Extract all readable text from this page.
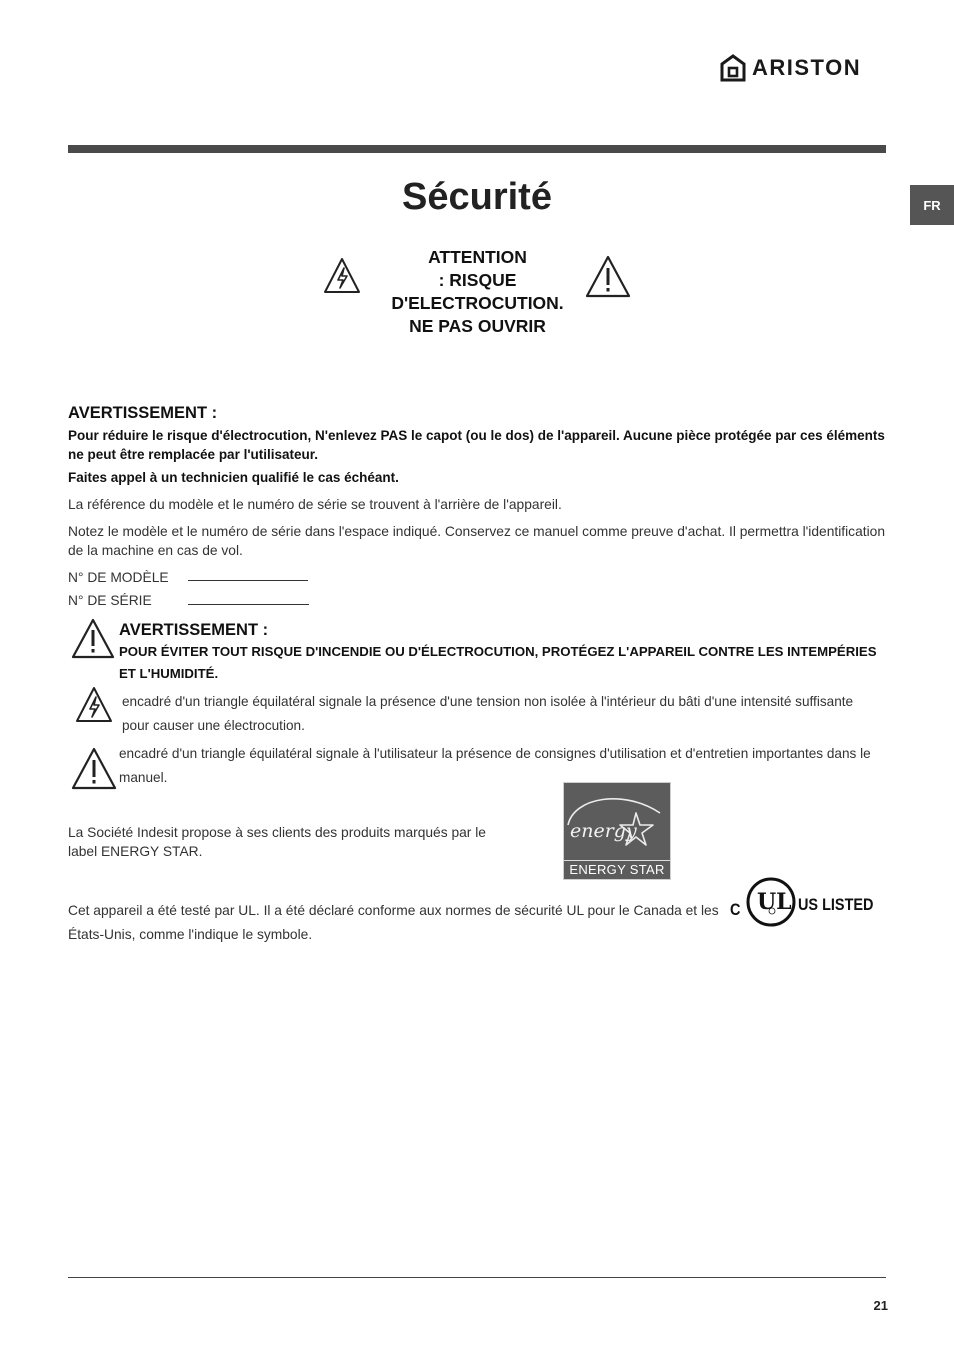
ARISTON
FR
Sécurité
ATTENTION
: RISQUE
D'ELECTROCUTION.
NE PAS OUVRIR
AVERTISSEMENT :
Pour réduire le risque d'électrocution, N'enlevez PAS le capot (ou le dos) de l'appareil. Aucune pièce protégée par ces éléments ne peut être remplacée par l'utilisateur.
Faites appel à un technicien qualifié le cas échéant.
La référence du modèle et le numéro de série se trouvent à l'arrière de l'appareil.
Notez le modèle et le numéro de série dans l'espace indiqué. Conservez ce manuel comme preuve d'achat. Il permettra l'identification de la machine en cas de vol.
N° DE MODÈLE
N° DE SÉRIE
AVERTISSEMENT :
POUR ÉVITER TOUT RISQUE D'INCENDIE OU D'ÉLECTROCUTION, PROTÉGEZ L'APPAREIL CONTRE LES INTEMPÉRIES ET L'HUMIDITÉ.
encadré d'un triangle équilatéral signale la présence d'une tension non isolée à l'intérieur du bâti d'une intensité suffisante pour causer une électrocution.
encadré d'un triangle équilatéral signale à l'utilisateur la présence de consignes d'utilisation et d'entretien importantes dans le manuel.
La Société Indesit propose à ses clients des produits marqués par le label ENERGY STAR.
energy
ENERGY STAR
Cet appareil a été testé par UL. Il a été déclaré conforme aux normes de sécurité UL pour le Canada et les États-Unis, comme l'indique le symbole.
C UL US LISTED
21
